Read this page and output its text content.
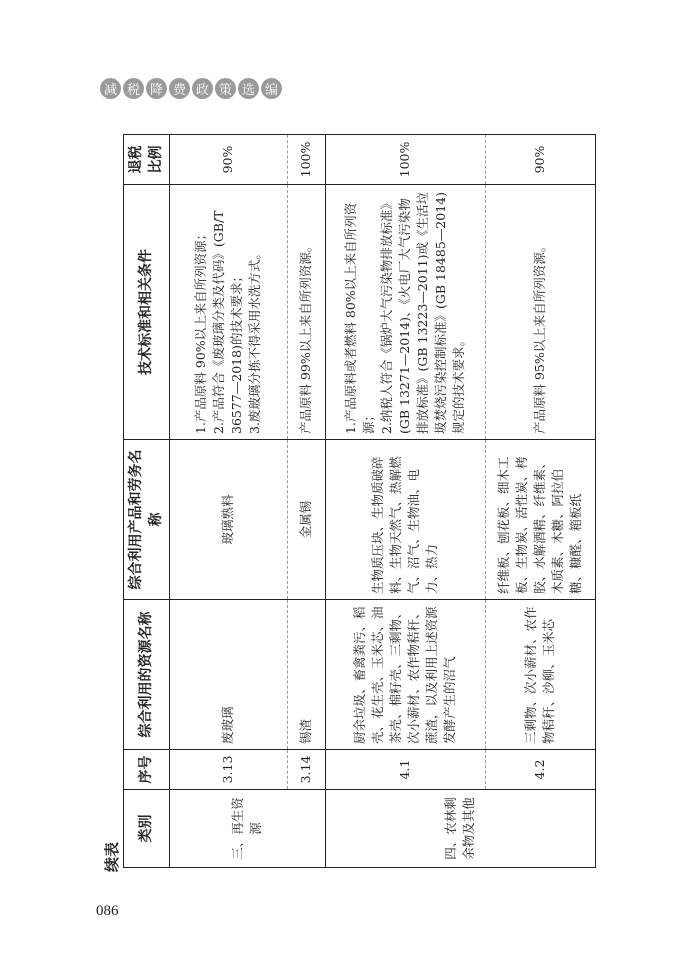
减 税 降 费 政 策 选 编
续表
类别	序号	综合利用的资源名称	综合利用产品和劳务名称	技术标准和相关条件	退税比例
三、再生资源	3.13	废玻璃	玻璃熟料	1.产品原料 90%以上来自所列资源； 2.产品符合《废玻璃分类及代码》(GB/T 36577—2018)的技术要求； 3.废玻璃分拣不得采用水洗方式。	90%
	3.14	锡渣	金属锡	产品原料 99%以上来自所列资源。	100%
四、农林剩余物及其他	4.1	厨余垃圾、畜禽粪污、稻壳、花生壳、玉米芯、油茶壳、棉籽壳、三剩物、次小薪材、农作物秸秆、蔗渣，以及利用上述资源发酵产生的沼气	生物质压块、生物质破碎料、生物天然气、热解燃气、沼气、生物油、电力、热力	1.产品原料或者燃料 80%以上来自所列资源； 2.纳税人符合《锅炉大气污染物排放标准》(GB 13271—2014)、《火电厂大气污染物排放标准》(GB 13223—2011)或《生活垃圾焚烧污染控制标准》(GB 18485—2014)规定的技术要求。	100%
	4.2	三剩物、次小薪材、农作物秸秆、沙柳、玉米芯	纤维板、刨花板、细木工板、生物炭、活性炭、栲胶、水解酒精、纤维素、木质素、木糖、阿拉伯糖、糠醛、箱板纸	产品原料 95%以上来自所列资源。	90%
086
